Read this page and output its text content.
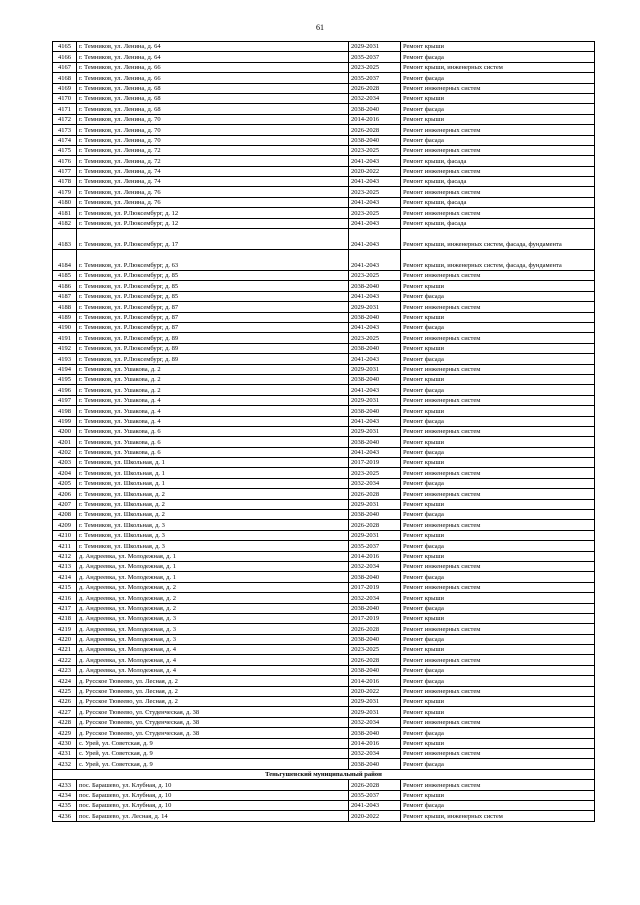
61
4165	г. Темников, ул. Ленина, д. 64	2029-2031	Ремонт крыши
4166	г. Темников, ул. Ленина, д. 64	2035-2037	Ремонт фасада
4167	г. Темников, ул. Ленина, д. 66	2023-2025	Ремонт крыши, инженерных систем
4168	г. Темников, ул. Ленина, д. 66	2035-2037	Ремонт фасада
4169	г. Темников, ул. Ленина, д. 68	2026-2028	Ремонт инженерных систем
4170	г. Темников, ул. Ленина, д. 68	2032-2034	Ремонт крыши
4171	г. Темников, ул. Ленина, д. 68	2038-2040	Ремонт фасада
4172	г. Темников, ул. Ленина, д. 70	2014-2016	Ремонт крыши
4173	г. Темников, ул. Ленина, д. 70	2026-2028	Ремонт инженерных систем
4174	г. Темников, ул. Ленина, д. 70	2038-2040	Ремонт фасада
4175	г. Темников, ул. Ленина, д. 72	2023-2025	Ремонт инженерных систем
4176	г. Темников, ул. Ленина, д. 72	2041-2043	Ремонт крыши, фасада
4177	г. Темников, ул. Ленина, д. 74	2020-2022	Ремонт инженерных систем
4178	г. Темников, ул. Ленина, д. 74	2041-2043	Ремонт крыши, фасада
4179	г. Темников, ул. Ленина, д. 76	2023-2025	Ремонт инженерных систем
4180	г. Темников, ул. Ленина, д. 76	2041-2043	Ремонт крыши, фасада
4181	г. Темников, ул. Р.Люксембург, д. 12	2023-2025	Ремонт инженерных систем
4182	г. Темников, ул. Р.Люксембург, д. 12	2041-2043	Ремонт крыши, фасада
4183	г. Темников, ул. Р.Люксембург, д. 17	2041-2043	Ремонт крыши, инженерных систем, фасада, фундамента
4184	г. Темников, ул. Р.Люксембург, д. 63	2041-2043	Ремонт крыши, инженерных систем, фасада, фундамента
4185	г. Темников, ул. Р.Люксембург, д. 85	2023-2025	Ремонт инженерных систем
4186	г. Темников, ул. Р.Люксембург, д. 85	2038-2040	Ремонт крыши
4187	г. Темников, ул. Р.Люксембург, д. 85	2041-2043	Ремонт фасада
4188	г. Темников, ул. Р.Люксембург, д. 87	2029-2031	Ремонт инженерных систем
4189	г. Темников, ул. Р.Люксембург, д. 87	2038-2040	Ремонт крыши
4190	г. Темников, ул. Р.Люксембург, д. 87	2041-2043	Ремонт фасада
4191	г. Темников, ул. Р.Люксембург, д. 89	2023-2025	Ремонт инженерных систем
4192	г. Темников, ул. Р.Люксембург, д. 89	2038-2040	Ремонт крыши
4193	г. Темников, ул. Р.Люксембург, д. 89	2041-2043	Ремонт фасада
4194	г. Темников, ул. Ушакова, д. 2	2029-2031	Ремонт инженерных систем
4195	г. Темников, ул. Ушакова, д. 2	2038-2040	Ремонт крыши
4196	г. Темников, ул. Ушакова, д. 2	2041-2043	Ремонт фасада
4197	г. Темников, ул. Ушакова, д. 4	2029-2031	Ремонт инженерных систем
4198	г. Темников, ул. Ушакова, д. 4	2038-2040	Ремонт крыши
4199	г. Темников, ул. Ушакова, д. 4	2041-2043	Ремонт фасада
4200	г. Темников, ул. Ушакова, д. 6	2029-2031	Ремонт инженерных систем
4201	г. Темников, ул. Ушакова, д. 6	2038-2040	Ремонт крыши
4202	г. Темников, ул. Ушакова, д. 6	2041-2043	Ремонт фасада
4203	г. Темников, ул. Школьная, д. 1	2017-2019	Ремонт крыши
4204	г. Темников, ул. Школьная, д. 1	2023-2025	Ремонт инженерных систем
4205	г. Темников, ул. Школьная, д. 1	2032-2034	Ремонт фасада
4206	г. Темников, ул. Школьная, д. 2	2026-2028	Ремонт инженерных систем
4207	г. Темников, ул. Школьная, д. 2	2029-2031	Ремонт крыши
4208	г. Темников, ул. Школьная, д. 2	2038-2040	Ремонт фасада
4209	г. Темников, ул. Школьная, д. 3	2026-2028	Ремонт инженерных систем
4210	г. Темников, ул. Школьная, д. 3	2029-2031	Ремонт крыши
4211	г. Темников, ул. Школьная, д. 3	2035-2037	Ремонт фасада
4212	д. Андреевка, ул. Молодежная, д. 1	2014-2016	Ремонт крыши
4213	д. Андреевка, ул. Молодежная, д. 1	2032-2034	Ремонт инженерных систем
4214	д. Андреевка, ул. Молодежная, д. 1	2038-2040	Ремонт фасада
4215	д. Андреевка, ул. Молодежная, д. 2	2017-2019	Ремонт инженерных систем
4216	д. Андреевка, ул. Молодежная, д. 2	2032-2034	Ремонт крыши
4217	д. Андреевка, ул. Молодежная, д. 2	2038-2040	Ремонт фасада
4218	д. Андреевка, ул. Молодежная, д. 3	2017-2019	Ремонт крыши
4219	д. Андреевка, ул. Молодежная, д. 3	2026-2028	Ремонт инженерных систем
4220	д. Андреевка, ул. Молодежная, д. 3	2038-2040	Ремонт фасада
4221	д. Андреевка, ул. Молодежная, д. 4	2023-2025	Ремонт крыши
4222	д. Андреевка, ул. Молодежная, д. 4	2026-2028	Ремонт инженерных систем
4223	д. Андреевка, ул. Молодежная, д. 4	2038-2040	Ремонт фасада
4224	д. Русское Тювеево, ул. Лесная, д. 2	2014-2016	Ремонт фасада
4225	д. Русское Тювеево, ул. Лесная, д. 2	2020-2022	Ремонт инженерных систем
4226	д. Русское Тювеево, ул. Лесная, д. 2	2029-2031	Ремонт крыши
4227	д. Русское Тювеево, ул. Студенческая, д. 38	2029-2031	Ремонт крыши
4228	д. Русское Тювеево, ул. Студенческая, д. 38	2032-2034	Ремонт инженерных систем
4229	д. Русское Тювеево, ул. Студенческая, д. 38	2038-2040	Ремонт фасада
4230	с. Урей, ул. Советская, д. 9	2014-2016	Ремонт крыши
4231	с. Урей, ул. Советская, д. 9	2032-2034	Ремонт инженерных систем
4232	с. Урей, ул. Советская, д. 9	2038-2040	Ремонт фасада
Теньгушевский муниципальный район			
4233	пос. Барашево, ул. Клубная, д. 10	2026-2028	Ремонт инженерных систем
4234	пос. Барашево, ул. Клубная, д. 10	2035-2037	Ремонт крыши
4235	пос. Барашево, ул. Клубная, д. 10	2041-2043	Ремонт фасада
4236	пос. Барашево, ул. Лесная, д. 14	2020-2022	Ремонт крыши, инженерных систем
